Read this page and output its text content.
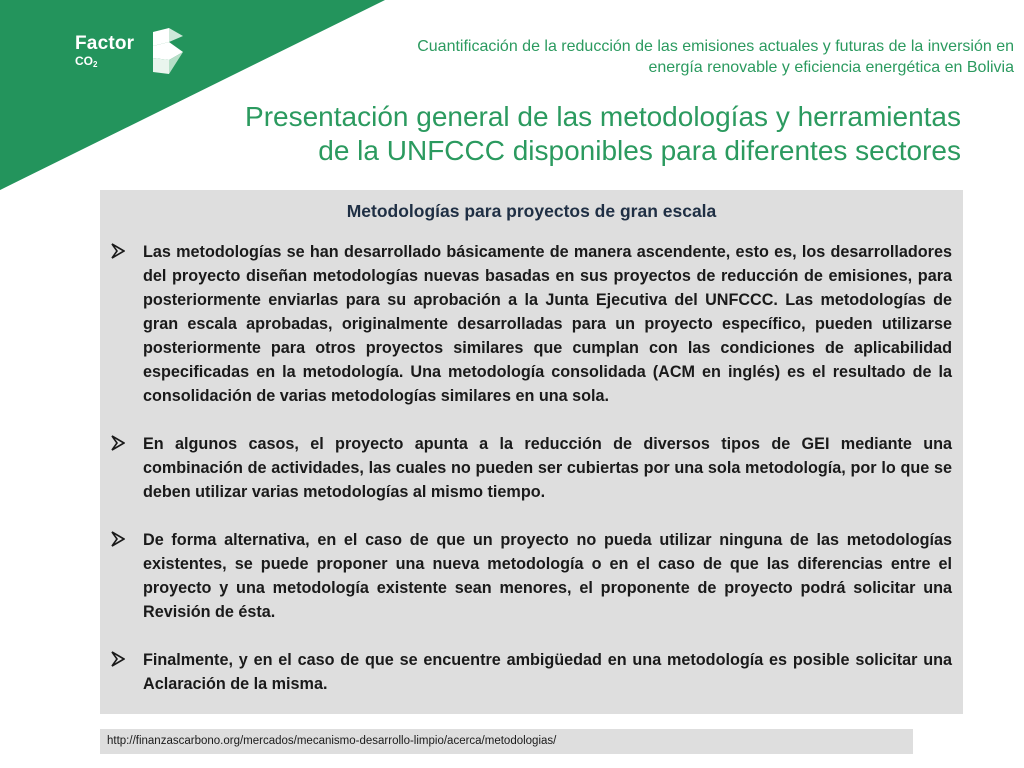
Factor
$CO_2$
Cuantificación de la reducción de las emisiones actuales y futuras de la inversión en
energía renovable y eficiencia energética en Bolivia
Presentación general de las metodologías y herramientas
de la UNFCCC disponibles para diferentes sectores
Metodologías para proyectos de gran escala
Las metodologías se han desarrollado básicamente de manera ascendente, esto es, los desarrolladores del proyecto diseñan metodologías nuevas basadas en sus proyectos de reducción de emisiones, para posteriormente enviarlas para su aprobación a la Junta Ejecutiva del UNFCCC. Las metodologías de gran escala aprobadas, originalmente desarrolladas para un proyecto específico, pueden utilizarse posteriormente para otros proyectos similares que cumplan con las condiciones de aplicabilidad especificadas en la metodología. Una metodología consolidada (ACM en inglés) es el resultado de la consolidación de varias metodologías similares en una sola.
En algunos casos, el proyecto apunta a la reducción de diversos tipos de GEI mediante una combinación de actividades, las cuales no pueden ser cubiertas por una sola metodología, por lo que se deben utilizar varias metodologías al mismo tiempo.
De forma alternativa, en el caso de que un proyecto no pueda utilizar ninguna de las metodologías existentes, se puede proponer una nueva metodología o en el caso de que las diferencias entre el proyecto y una metodología existente sean menores, el proponente de proyecto podrá solicitar una Revisión de ésta.
Finalmente, y en el caso de que se encuentre ambigüedad en una metodología es posible solicitar una Aclaración de la misma.
http://finanzascarbono.org/mercados/mecanismo-desarrollo-limpio/acerca/metodologias/
